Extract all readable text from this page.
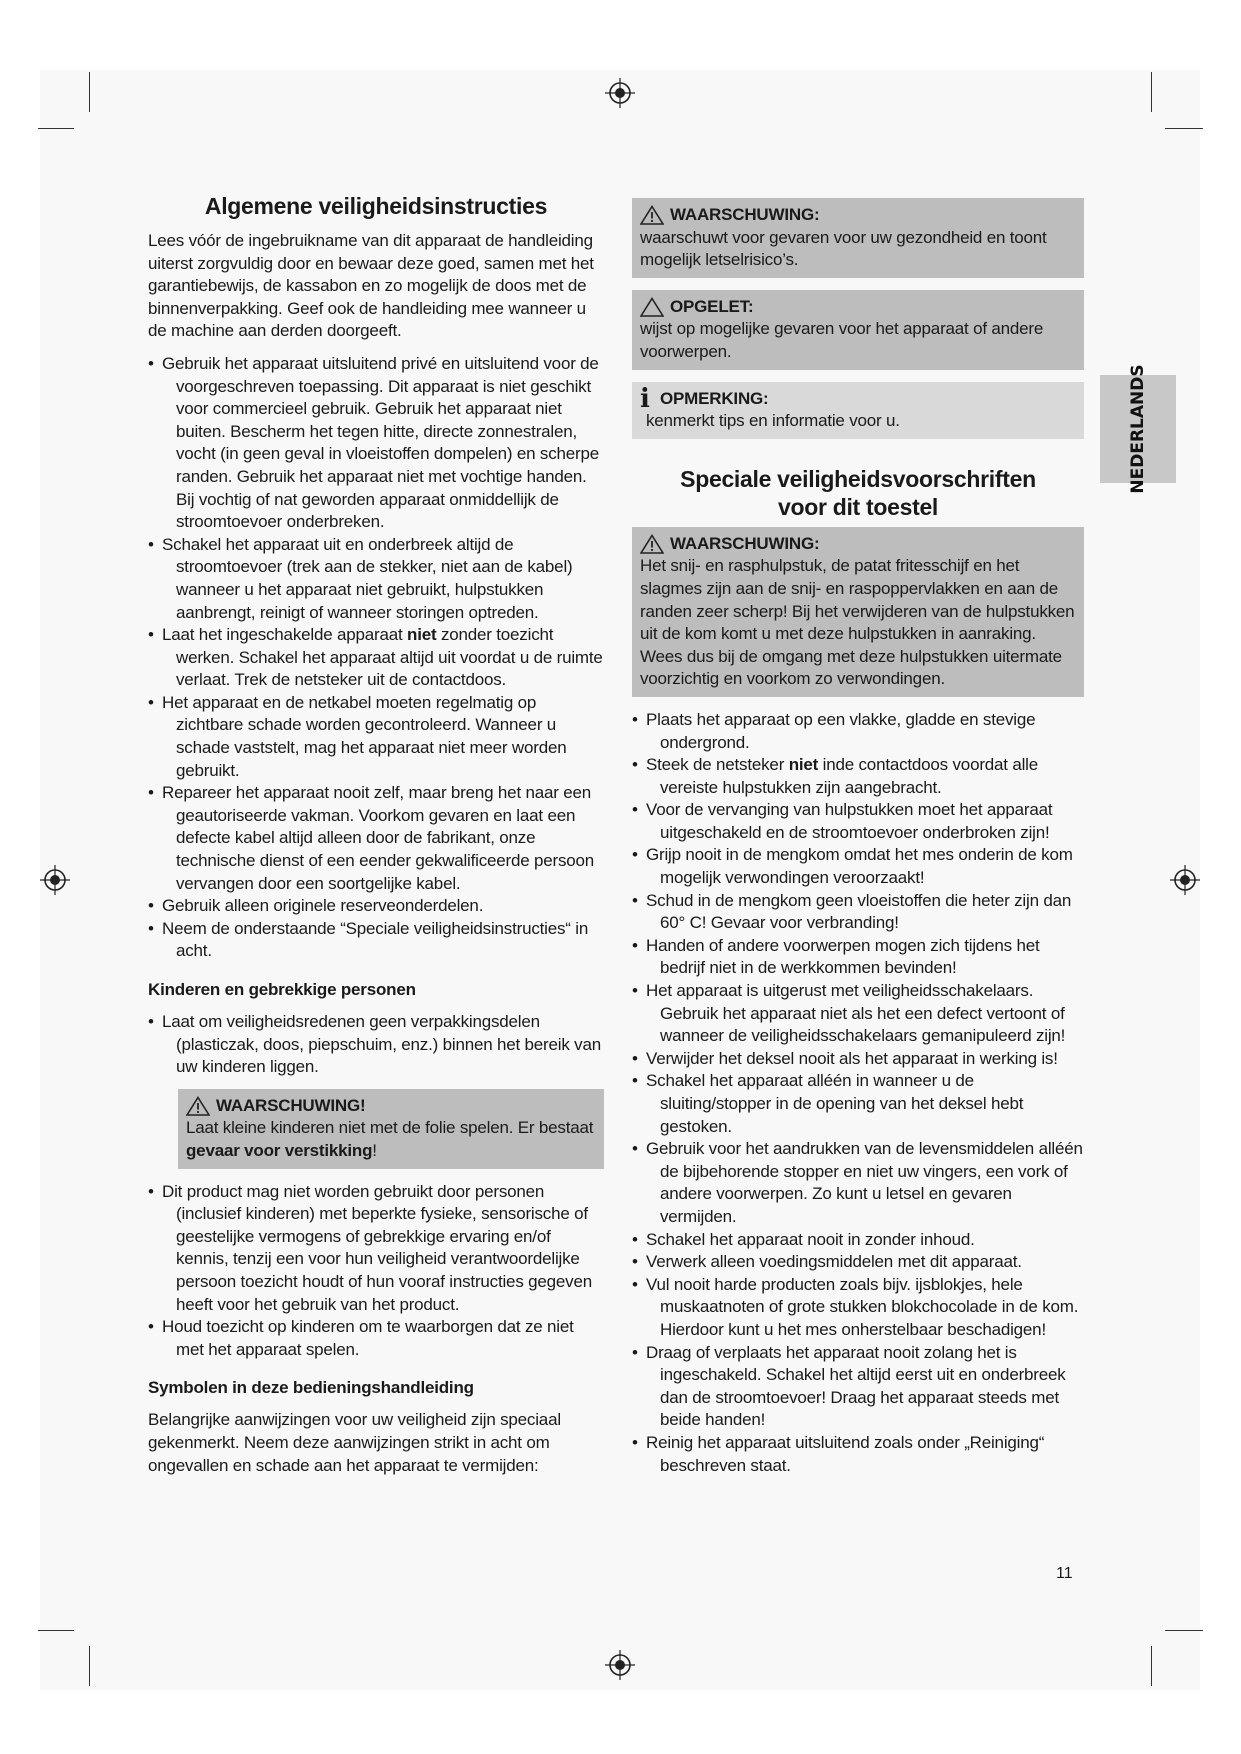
Algemene veiligheidsinstructies

Lees vóór de ingebruikname van dit apparaat de handleiding uiterst zorgvuldig door en bewaar deze goed, samen met het garantiebewijs, de kassabon en zo mogelijk de doos met de binnenverpakking. Geef ook de handleiding mee wanneer u de machine aan derden doorgeeft.

• Gebruik het apparaat uitsluitend privé en uitsluitend voor de voorgeschreven toepassing. Dit apparaat is niet geschikt voor commercieel gebruik. Gebruik het apparaat niet buiten. Bescherm het tegen hitte, directe zonnestralen, vocht (in geen geval in vloeistoffen dompelen) en scherpe randen. Gebruik het apparaat niet met vochtige handen. Bij vochtig of nat geworden apparaat onmiddellijk de stroomtoevoer onderbreken.
• Schakel het apparaat uit en onderbreek altijd de stroomtoevoer (trek aan de stekker, niet aan de kabel) wanneer u het apparaat niet gebruikt, hulpstukken aanbrengt, reinigt of wanneer storingen optreden.
• Laat het ingeschakelde apparaat niet zonder toezicht werken. Schakel het apparaat altijd uit voordat u de ruimte verlaat. Trek de netsteker uit de contactdoos.
• Het apparaat en de netkabel moeten regelmatig op zichtbare schade worden gecontroleerd. Wanneer u schade vaststelt, mag het apparaat niet meer worden gebruikt.
• Repareer het apparaat nooit zelf, maar breng het naar een geautoriseerde vakman. Voorkom gevaren en laat een defecte kabel altijd alleen door de fabrikant, onze technische dienst of een eender gekwalificeerde persoon vervangen door een soortgelijke kabel.
• Gebruik alleen originele reserveonderdelen.
• Neem de onderstaande “Speciale veiligheidsinstructies“ in acht.
Kinderen en gebrekkige personen
• Laat om veiligheidsredenen geen verpakkingsdelen (plasticzak, doos, piepschuim, enz.) binnen het bereik van uw kinderen liggen.
WAARSCHUWING!
Laat kleine kinderen niet met de folie spelen. Er bestaat gevaar voor verstikking!
• Dit product mag niet worden gebruikt door personen (inclusief kinderen) met beperkte fysieke, sensorische of geestelijke vermogens of gebrekkige ervaring en/of kennis, tenzij een voor hun veiligheid verantwoordelijke persoon toezicht houdt of hun vooraf instructies gegeven heeft voor het gebruik van het product.
• Houd toezicht op kinderen om te waarborgen dat ze niet met het apparaat spelen.
Symbolen in deze bedieningshandleiding

Belangrijke aanwijzingen voor uw veiligheid zijn speciaal gekenmerkt. Neem deze aanwijzingen strikt in acht om ongevallen en schade aan het apparaat te vermijden:

WAARSCHUWING:
waarschuwt voor gevaren voor uw gezondheid en toont mogelijk letselrisico’s.
OPGELET:
wijst op mogelijke gevaren voor het apparaat of andere voorwerpen.
i OPMERKING:
kenmerkt tips en informatie voor u.
Speciale veiligheidsvoorschriften
voor dit toestel
WAARSCHUWING:
Het snij- en rasphulpstuk, de patat fritesschijf en het slagmes zijn aan de snij- en raspoppervlakken en aan de randen zeer scherp! Bij het verwijderen van de hulpstukken uit de kom komt u met deze hulpstukken in aanraking. Wees dus bij de omgang met deze hulpstukken uitermate voorzichtig en voorkom zo verwondingen.
• Plaats het apparaat op een vlakke, gladde en stevige ondergrond.
• Steek de netsteker niet inde contactdoos voordat alle vereiste hulpstukken zijn aangebracht.
• Voor de vervanging van hulpstukken moet het apparaat uitgeschakeld en de stroomtoevoer onderbroken zijn!
• Grijp nooit in de mengkom omdat het mes onderin de kom mogelijk verwondingen veroorzaakt!
• Schud in de mengkom geen vloeistoffen die heter zijn dan 60° C! Gevaar voor verbranding!
• Handen of andere voorwerpen mogen zich tijdens het bedrijf niet in de werkkommen bevinden!
• Het apparaat is uitgerust met veiligheidsschakelaars. Gebruik het apparaat niet als het een defect vertoont of wanneer de veiligheidsschakelaars gemanipuleerd zijn!
• Verwijder het deksel nooit als het apparaat in werking is!
• Schakel het apparaat alléén in wanneer u de sluiting/stopper in de opening van het deksel hebt gestoken.
• Gebruik voor het aandrukken van de levensmiddelen alléén de bijbehorende stopper en niet uw vingers, een vork of andere voorwerpen. Zo kunt u letsel en gevaren vermijden.
• Schakel het apparaat nooit in zonder inhoud.
• Verwerk alleen voedingsmiddelen met dit apparaat.
• Vul nooit harde producten zoals bijv. ijsblokjes, hele muskaatnoten of grote stukken blokchocolade in de kom. Hierdoor kunt u het mes onherstelbaar beschadigen!
• Draag of verplaats het apparaat nooit zolang het is ingeschakeld. Schakel het altijd eerst uit en onderbreek dan de stroomtoevoer! Draag het apparaat steeds met beide handen!
• Reinig het apparaat uitsluitend zoals onder „Reiniging“ beschreven staat.
NEDERLANDS
11
